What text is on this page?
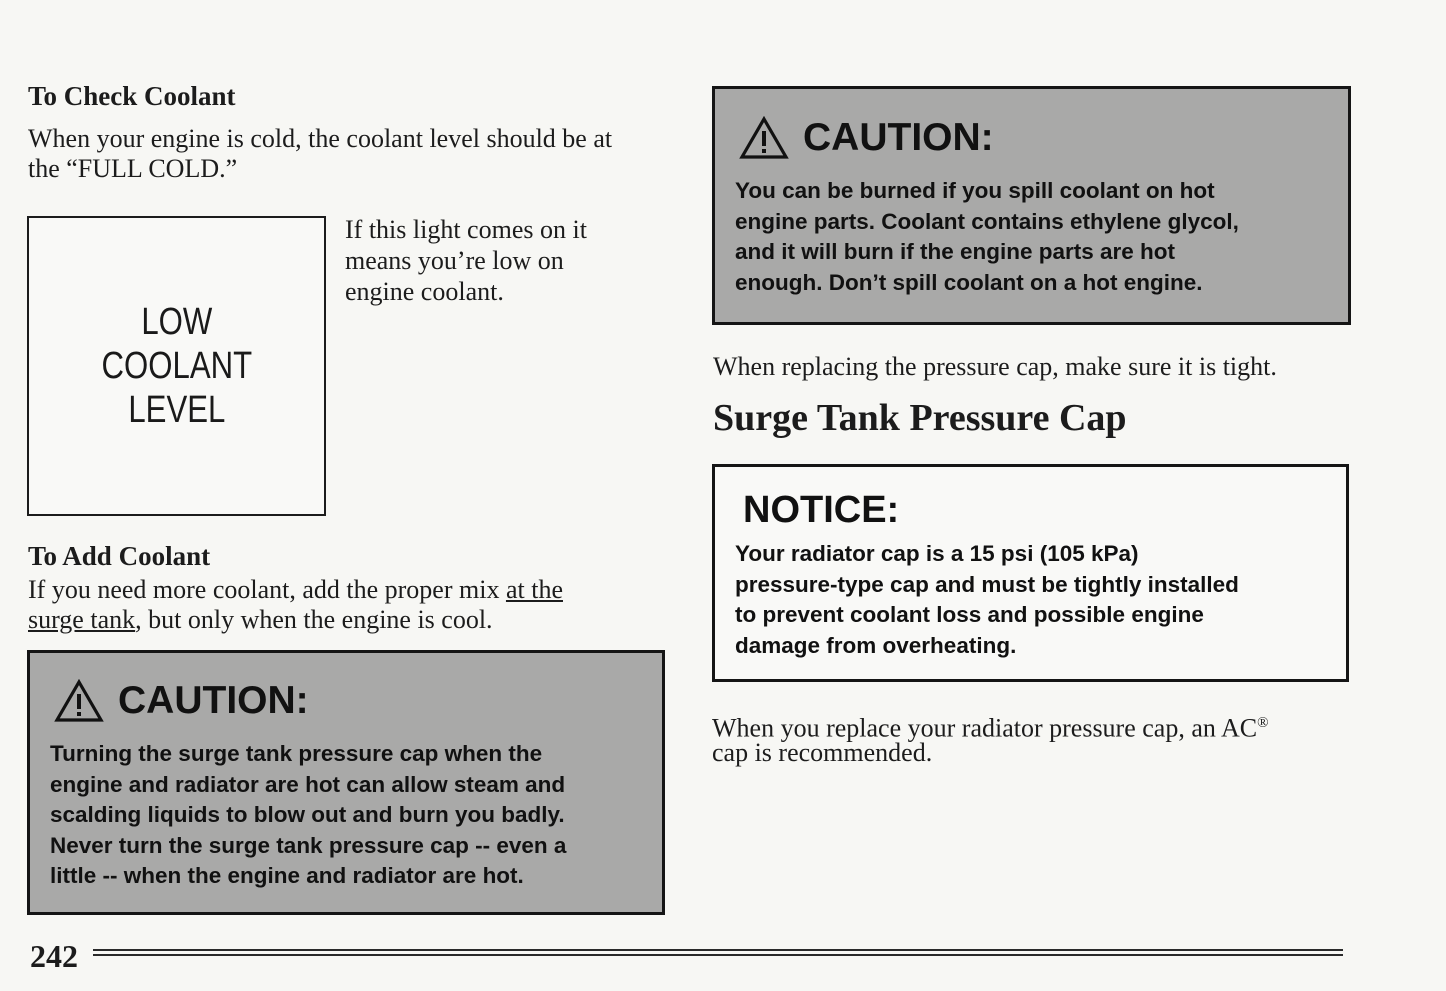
To Check Coolant

When your engine is cold, the coolant level should be at

the “FULL COLD.”

LOW
COOLANT
LEVEL

If this light comes on it

means you’re low on

engine coolant.

To Add Coolant

If you need more coolant, add the proper mix at the

surge tank, but only when the engine is cool.

CAUTION:

Turning the surge tank pressure cap when the

engine and radiator are hot can allow steam and

scalding liquids to blow out and burn you badly.

Never turn the surge tank pressure cap -- even a

little -- when the engine and radiator are hot.

CAUTION:

You can be burned if you spill coolant on hot

engine parts. Coolant contains ethylene glycol,

and it will burn if the engine parts are hot

enough. Don’t spill coolant on a hot engine.

When replacing the pressure cap, make sure it is tight.

Surge Tank Pressure Cap
NOTICE:

Your radiator cap is a 15 psi (105 kPa)

pressure-type cap and must be tightly installed

to prevent coolant loss and possible engine

damage from overheating.

When you replace your radiator pressure cap, an AC®

cap is recommended.

242
